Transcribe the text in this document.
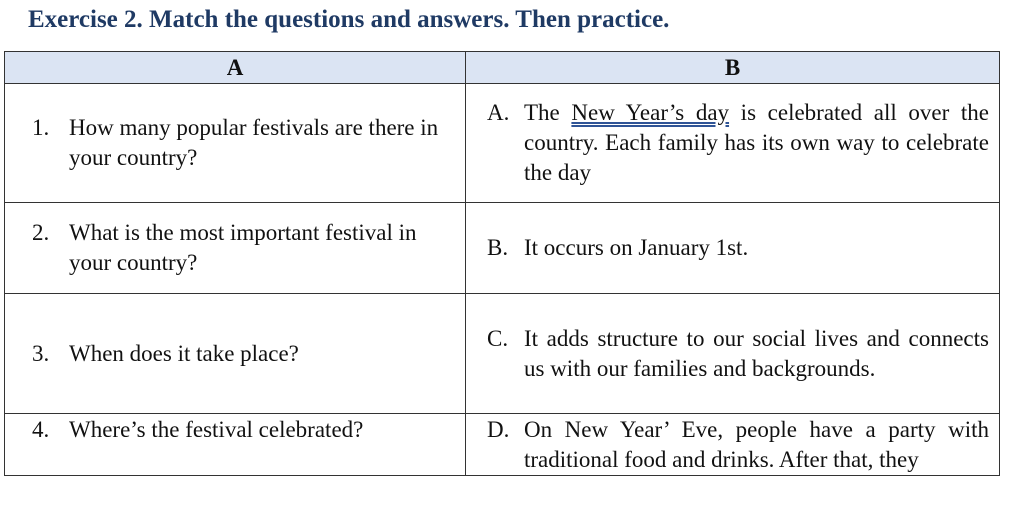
Exercise 2. Match the questions and answers. Then practice.
A	B

1. How many popular festivals are there in your country?	A. The New Year’s day is celebrated all over the country. Each family has its own way to celebrate the day

2. What is the most important festival in your country?	B. It occurs on January 1st.

3. When does it take place?	C. It adds structure to our social lives and connects us with our families and backgrounds.

4. Where’s the festival celebrated?	D. On New Year’ Eve, people have a party with traditional food and drinks. After that, they
